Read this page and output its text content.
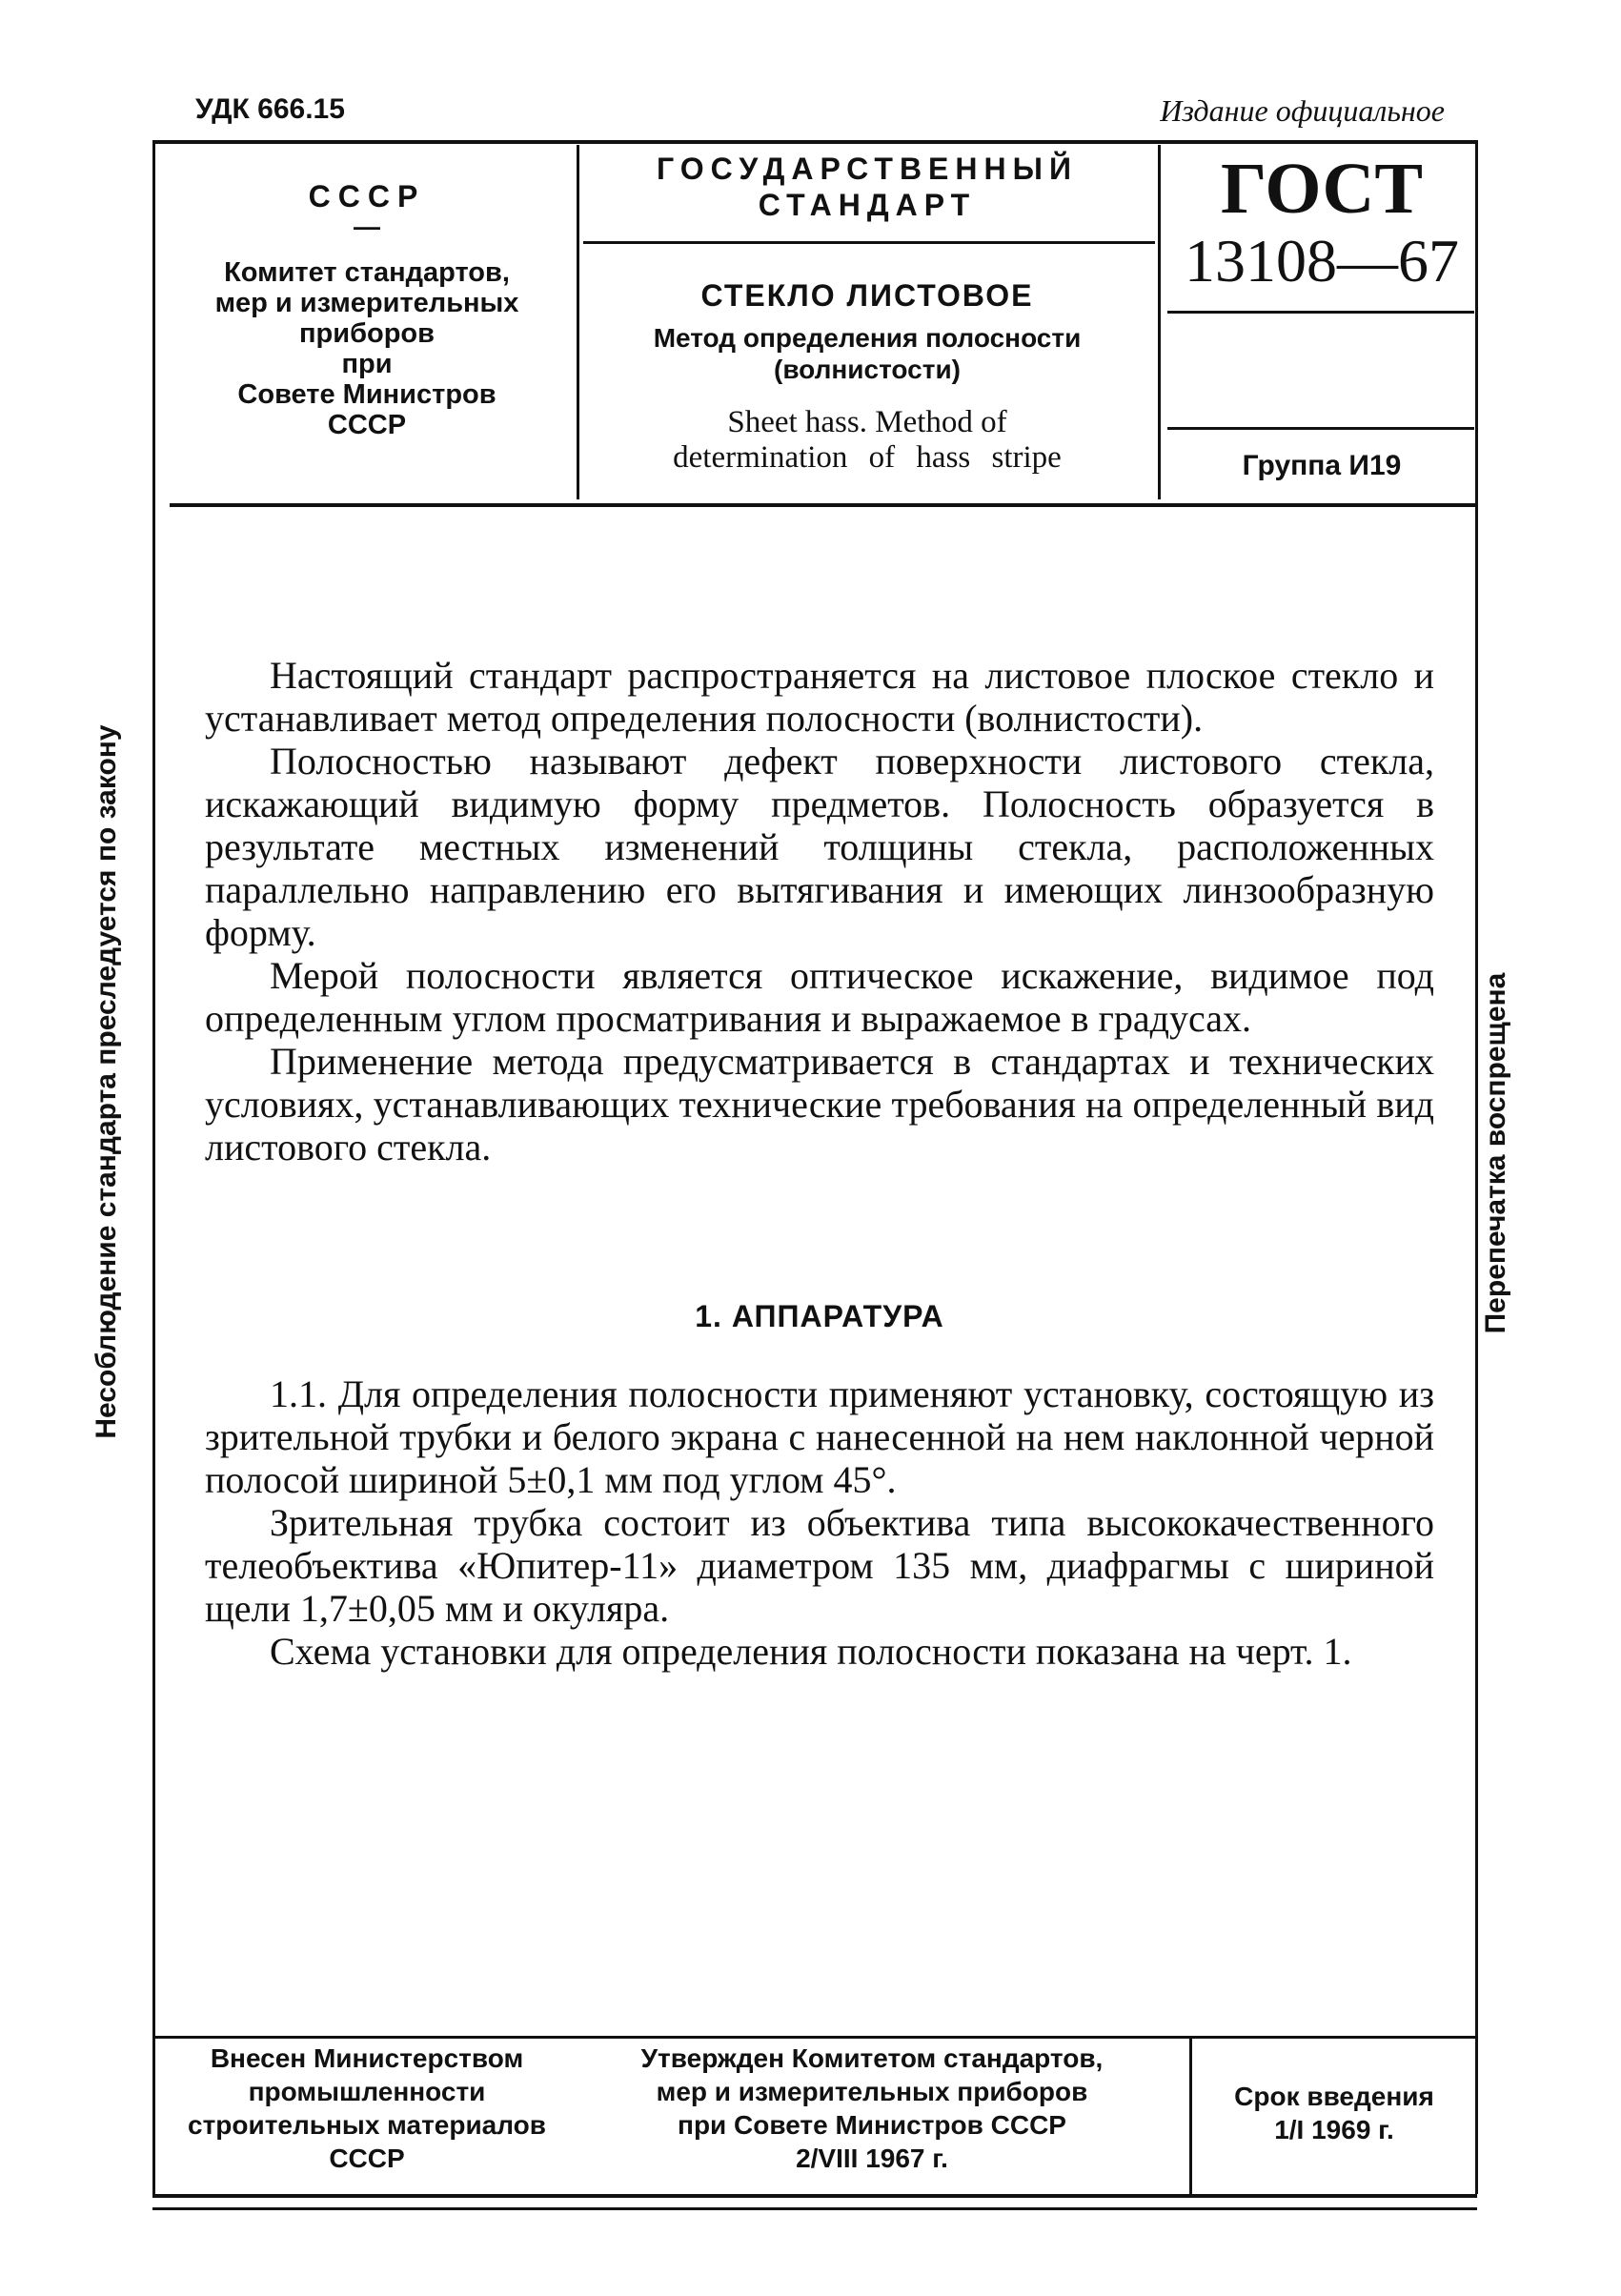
УДК 666.15	Издание официальное
СССР
—
Комитет стандартов,
мер и измерительных
приборов
при
Совете Министров
СССР
ГОСУДАРСТВЕННЫЙ
СТАНДАРТ
СТЕКЛО ЛИСТОВОЕ
Метод определения полосности
(волнистости)
Sheet hass. Method of
determination of hass stripe
ГОСТ
13108—67
Группа И19
Несоблюдение стандарта преследуется по закону	Перепечатка воспрещена

Настоящий стандарт распространяется на листовое плоское стекло и устанавливает метод определения полосности (волнистости).

Полосностью называют дефект поверхности листового стекла, искажающий видимую форму предметов. Полосность образуется в результате местных изменений толщины стекла, расположенных параллельно направлению его вытягивания и имеющих линзообразную форму.

Мерой полосности является оптическое искажение, видимое под определенным углом просматривания и выражаемое в градусах.

Применение метода предусматривается в стандартах и технических условиях, устанавливающих технические требования на определенный вид листового стекла.

1. АППАРАТУРА

1.1. Для определения полосности применяют установку, состоящую из зрительной трубки и белого экрана с нанесенной на нем наклонной черной полосой шириной 5±0,1 мм под углом 45°.

Зрительная трубка состоит из объектива типа высококачественного телеобъектива «Юпитер-11» диаметром 135 мм, диафрагмы с шириной щели 1,7±0,05 мм и окуляра.

Схема установки для определения полосности показана на черт. 1.

Внесен Министерством
промышленности
строительных материалов
СССР
Утвержден Комитетом стандартов,
мер и измерительных приборов
при Совете Министров СССР
2/VIII 1967 г.
Срок введения
1/I 1969 г.
